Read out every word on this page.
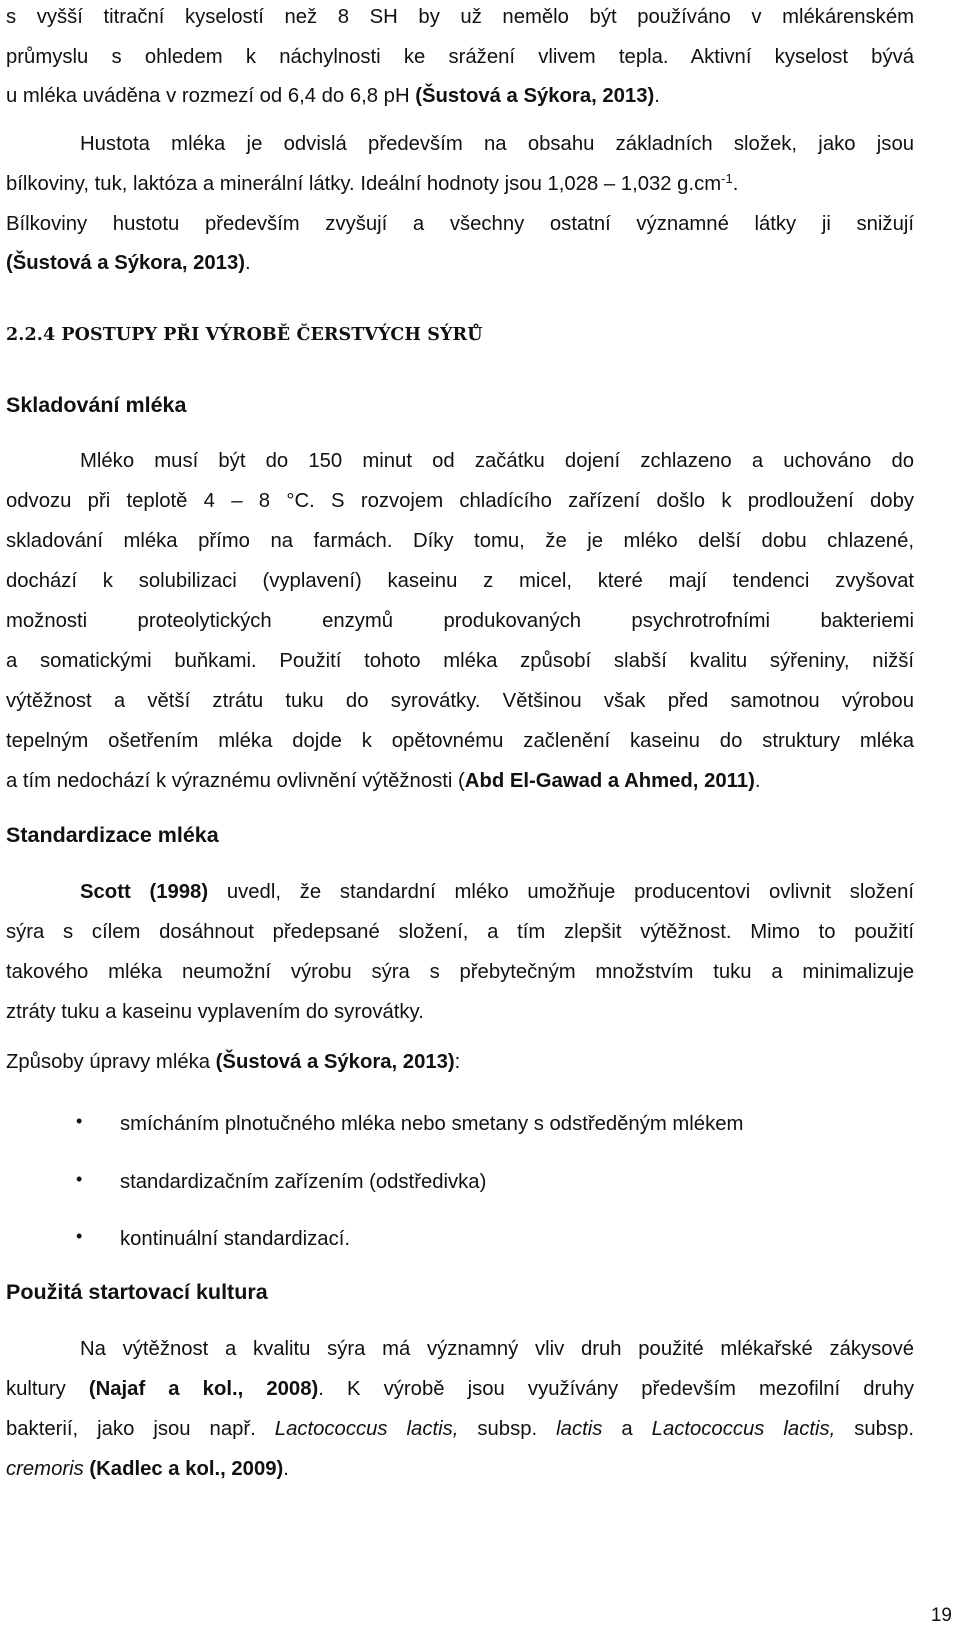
s vyšší titrační kyselostí než 8 SH by už nemělo být používáno v mlékárenském
průmyslu s ohledem k náchylnosti ke srážení vlivem tepla. Aktivní kyselost bývá
u mléka uváděna v rozmezí od 6,4 do 6,8 pH (Šustová a Sýkora, 2013).
Hustota mléka je odvislá především na obsahu základních složek, jako jsou
bílkoviny, tuk, laktóza a minerální látky. Ideální hodnoty jsou 1,028 ‒ 1,032 $g.cm^{-1}$.
Bílkoviny hustotu především zvyšují a všechny ostatní významné látky ji snižují
(Šustová a Sýkora, 2013).
2.2.4 POSTUPY PŘI VÝROBĚ ČERSTVÝCH SÝRŮ
Skladování mléka
Mléko musí být do 150 minut od začátku dojení zchlazeno a uchováno do
odvozu při teplotě 4 ‒ 8 °C. S rozvojem chladícího zařízení došlo k prodloužení doby
skladování mléka přímo na farmách. Díky tomu, že je mléko delší dobu chlazené,
dochází k solubilizaci (vyplavení) kaseinu z micel, které mají tendenci zvyšovat
možnosti proteolytických enzymů produkovaných psychrotrofními bakteriemi
a somatickými buňkami. Použití tohoto mléka způsobí slabší kvalitu sýřeniny, nižší
výtěžnost a větší ztrátu tuku do syrovátky. Většinou však před samotnou výrobou
tepelným ošetřením mléka dojde k opětovnému začlenění kaseinu do struktury mléka
a tím nedochází k výraznému ovlivnění výtěžnosti (Abd El-Gawad a Ahmed, 2011).
Standardizace mléka
Scott (1998) uvedl, že standardní mléko umožňuje producentovi ovlivnit složení
sýra s cílem dosáhnout předepsané složení, a tím zlepšit výtěžnost. Mimo to použití
takového mléka neumožní výrobu sýra s přebytečným množstvím tuku a minimalizuje
ztráty tuku a kaseinu vyplavením do syrovátky.
Způsoby úpravy mléka (Šustová a Sýkora, 2013):
• smícháním plnotučného mléka nebo smetany s odstředěným mlékem
• standardizačním zařízením (odstředivka)
• kontinuální standardizací.
Použitá startovací kultura
Na výtěžnost a kvalitu sýra má významný vliv druh použité mlékařské zákysové
kultury (Najaf a kol., 2008). K výrobě jsou využívány především mezofilní druhy
bakterií, jako jsou např. Lactococcus lactis, subsp. lactis a Lactococcus lactis, subsp.
cremoris (Kadlec a kol., 2009).
19
